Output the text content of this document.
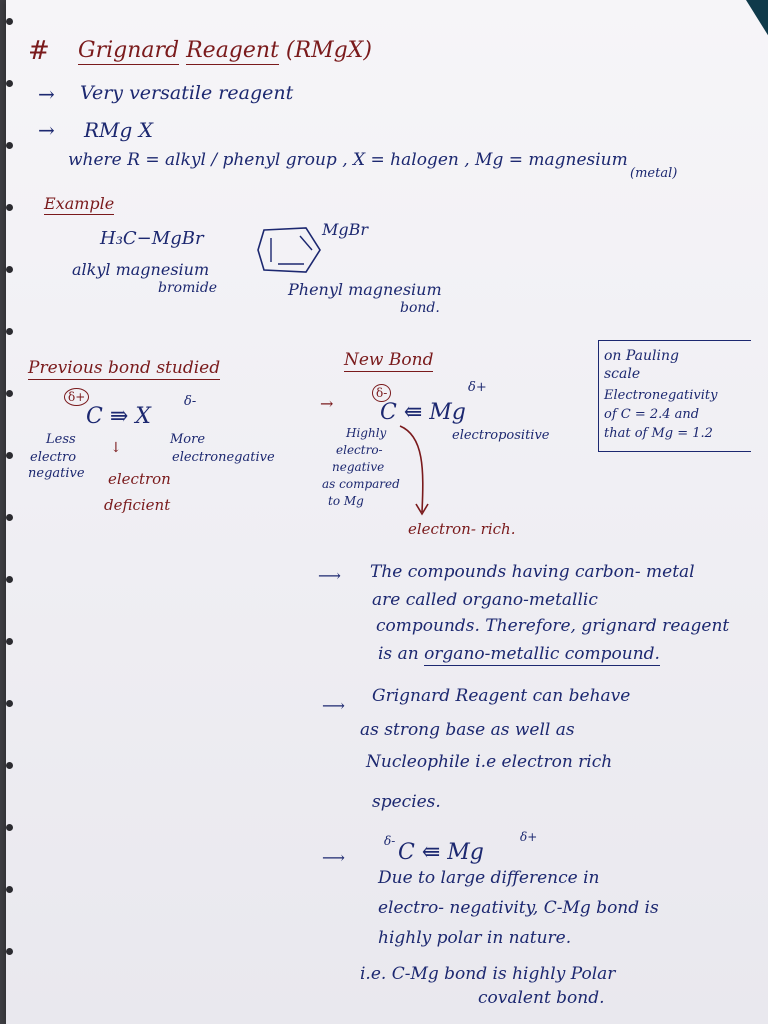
# Grignard Reagent (RMgX)
→ Very versatile reagent
→ RMg X
where R = alkyl / phenyl group , X = halogen , Mg = magnesium
(metal)
Example
H₃C−MgBr
alkyl magnesium
bromide
MgBr
Phenyl magnesium
bond.
Previous bond studied
δ+	δ-
C ⇛ X
Less
electro
negative
More
electronegative
↓
electron
deficient
New Bond
→
δ-	δ+
C ⇚ Mg
Highly
electro-
negative
as compared
to Mg
electropositive
electron- rich.
on Pauling
scale
Electronegativity
of C = 2.4 and
that of Mg = 1.2
⟶ The compounds having carbon- metal
are called organo-metallic
compounds. Therefore, grignard reagent
is an organo-metallic compound.
⟶ Grignard Reagent can behave
as strong base as well as
Nucleophile i.e electron rich
species.
⟶
δ-	δ+
C ⇚ Mg
Due to large difference in
electro- negativity, C-Mg bond is
highly polar in nature.
i.e. C-Mg bond is highly Polar
covalent bond.
